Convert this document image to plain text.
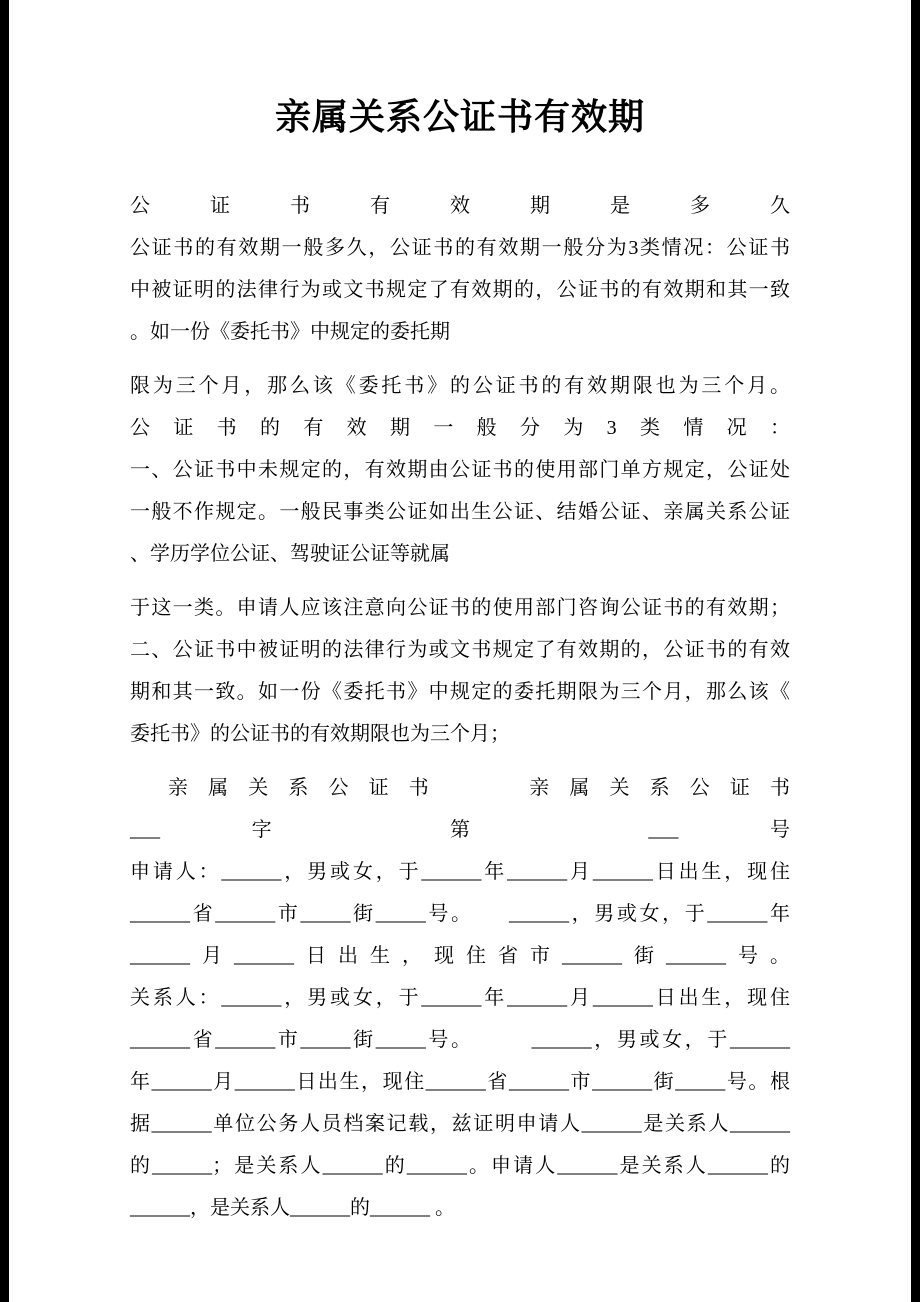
亲属关系公证书有效期
公证书有效期是多久
公证书的有效期一般多久，公证书的有效期一般分为3类情况：公证书
中被证明的法律行为或文书规定了有效期的，公证书的有效期和其一致
。如一份《委托书》中规定的委托期
限为三个月，那么该《委托书》的公证书的有效期限也为三个月。
公证书的有效期一般分为3类情况：
一、公证书中未规定的，有效期由公证书的使用部门单方规定，公证处
一般不作规定。一般民事类公证如出生公证、结婚公证、亲属关系公证
、学历学位公证、驾驶证公证等就属
于这一类。申请人应该注意向公证书的使用部门咨询公证书的有效期；
二、公证书中被证明的法律行为或文书规定了有效期的，公证书的有效
期和其一致。如一份《委托书》中规定的委托期限为三个月，那么该《
委托书》的公证书的有效期限也为三个月；
亲属关系公证书　　亲属关系公证书
___ 字 第 ___ 号
申请人：______，男或女，于______年______月______日出生，现住
______省______市_____街_____号。　　______，男或女，于______年
______月______日出生，现住省市______街______号。
关系人：______，男或女，于______年______月______日出生，现住
______省______市_____街_____号。　　　______，男或女，于______
年______月______日出生，现住______省______市______街_____号。根
据______单位公务人员档案记载，兹证明申请人______是关系人______
的______；是关系人______的______。申请人______是关系人______的
______，是关系人______的______ 。
